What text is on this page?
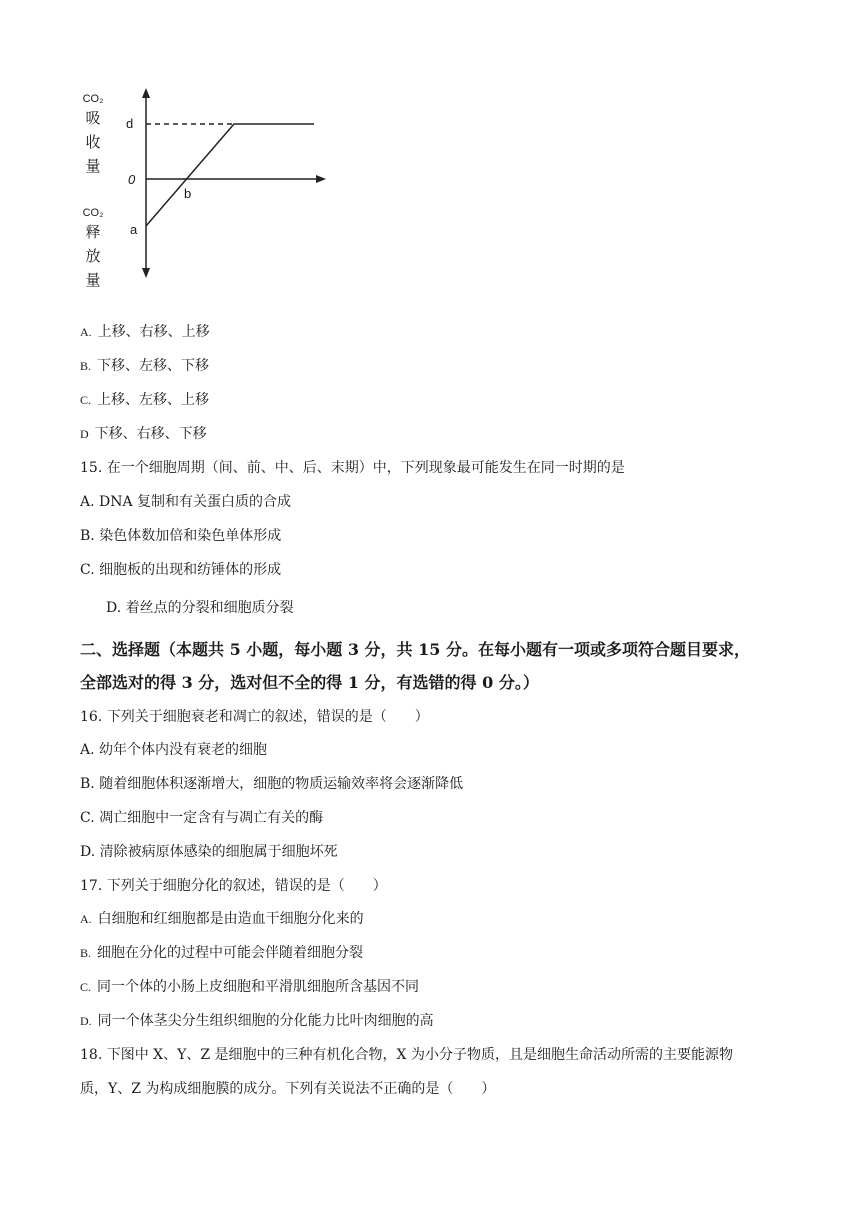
CO₂
吸
收
量
CO₂
释
放
量
d
0
a
b
A. 上移、右移、上移
B. 下移、左移、下移
C. 上移、左移、上移
D 下移、右移、下移
15. 在一个细胞周期（间、前、中、后、末期）中，下列现象最可能发生在同一时期的是
A. DNA 复制和有关蛋白质的合成
B. 染色体数加倍和染色单体形成
C. 细胞板的出现和纺锤体的形成
D. 着丝点的分裂和细胞质分裂
二、选择题（本题共 5 小题，每小题 3 分，共 15 分。在每小题有一项或多项符合题目要求，
全部选对的得 3 分，选对但不全的得 1 分，有选错的得 0 分。）
16. 下列关于细胞衰老和凋亡的叙述，错误的是（　　）
A. 幼年个体内没有衰老的细胞
B. 随着细胞体积逐渐增大，细胞的物质运输效率将会逐渐降低
C. 凋亡细胞中一定含有与凋亡有关的酶
D. 清除被病原体感染的细胞属于细胞坏死
17. 下列关于细胞分化的叙述，错误的是（　　）
A. 白细胞和红细胞都是由造血干细胞分化来的
B. 细胞在分化的过程中可能会伴随着细胞分裂
C. 同一个体的小肠上皮细胞和平滑肌细胞所含基因不同
D. 同一个体茎尖分生组织细胞的分化能力比叶肉细胞的高
18. 下图中 X、Y、Z 是细胞中的三种有机化合物，X 为小分子物质，且是细胞生命活动所需的主要能源物
质，Y、Z 为构成细胞膜的成分。下列有关说法不正确的是（　　）
